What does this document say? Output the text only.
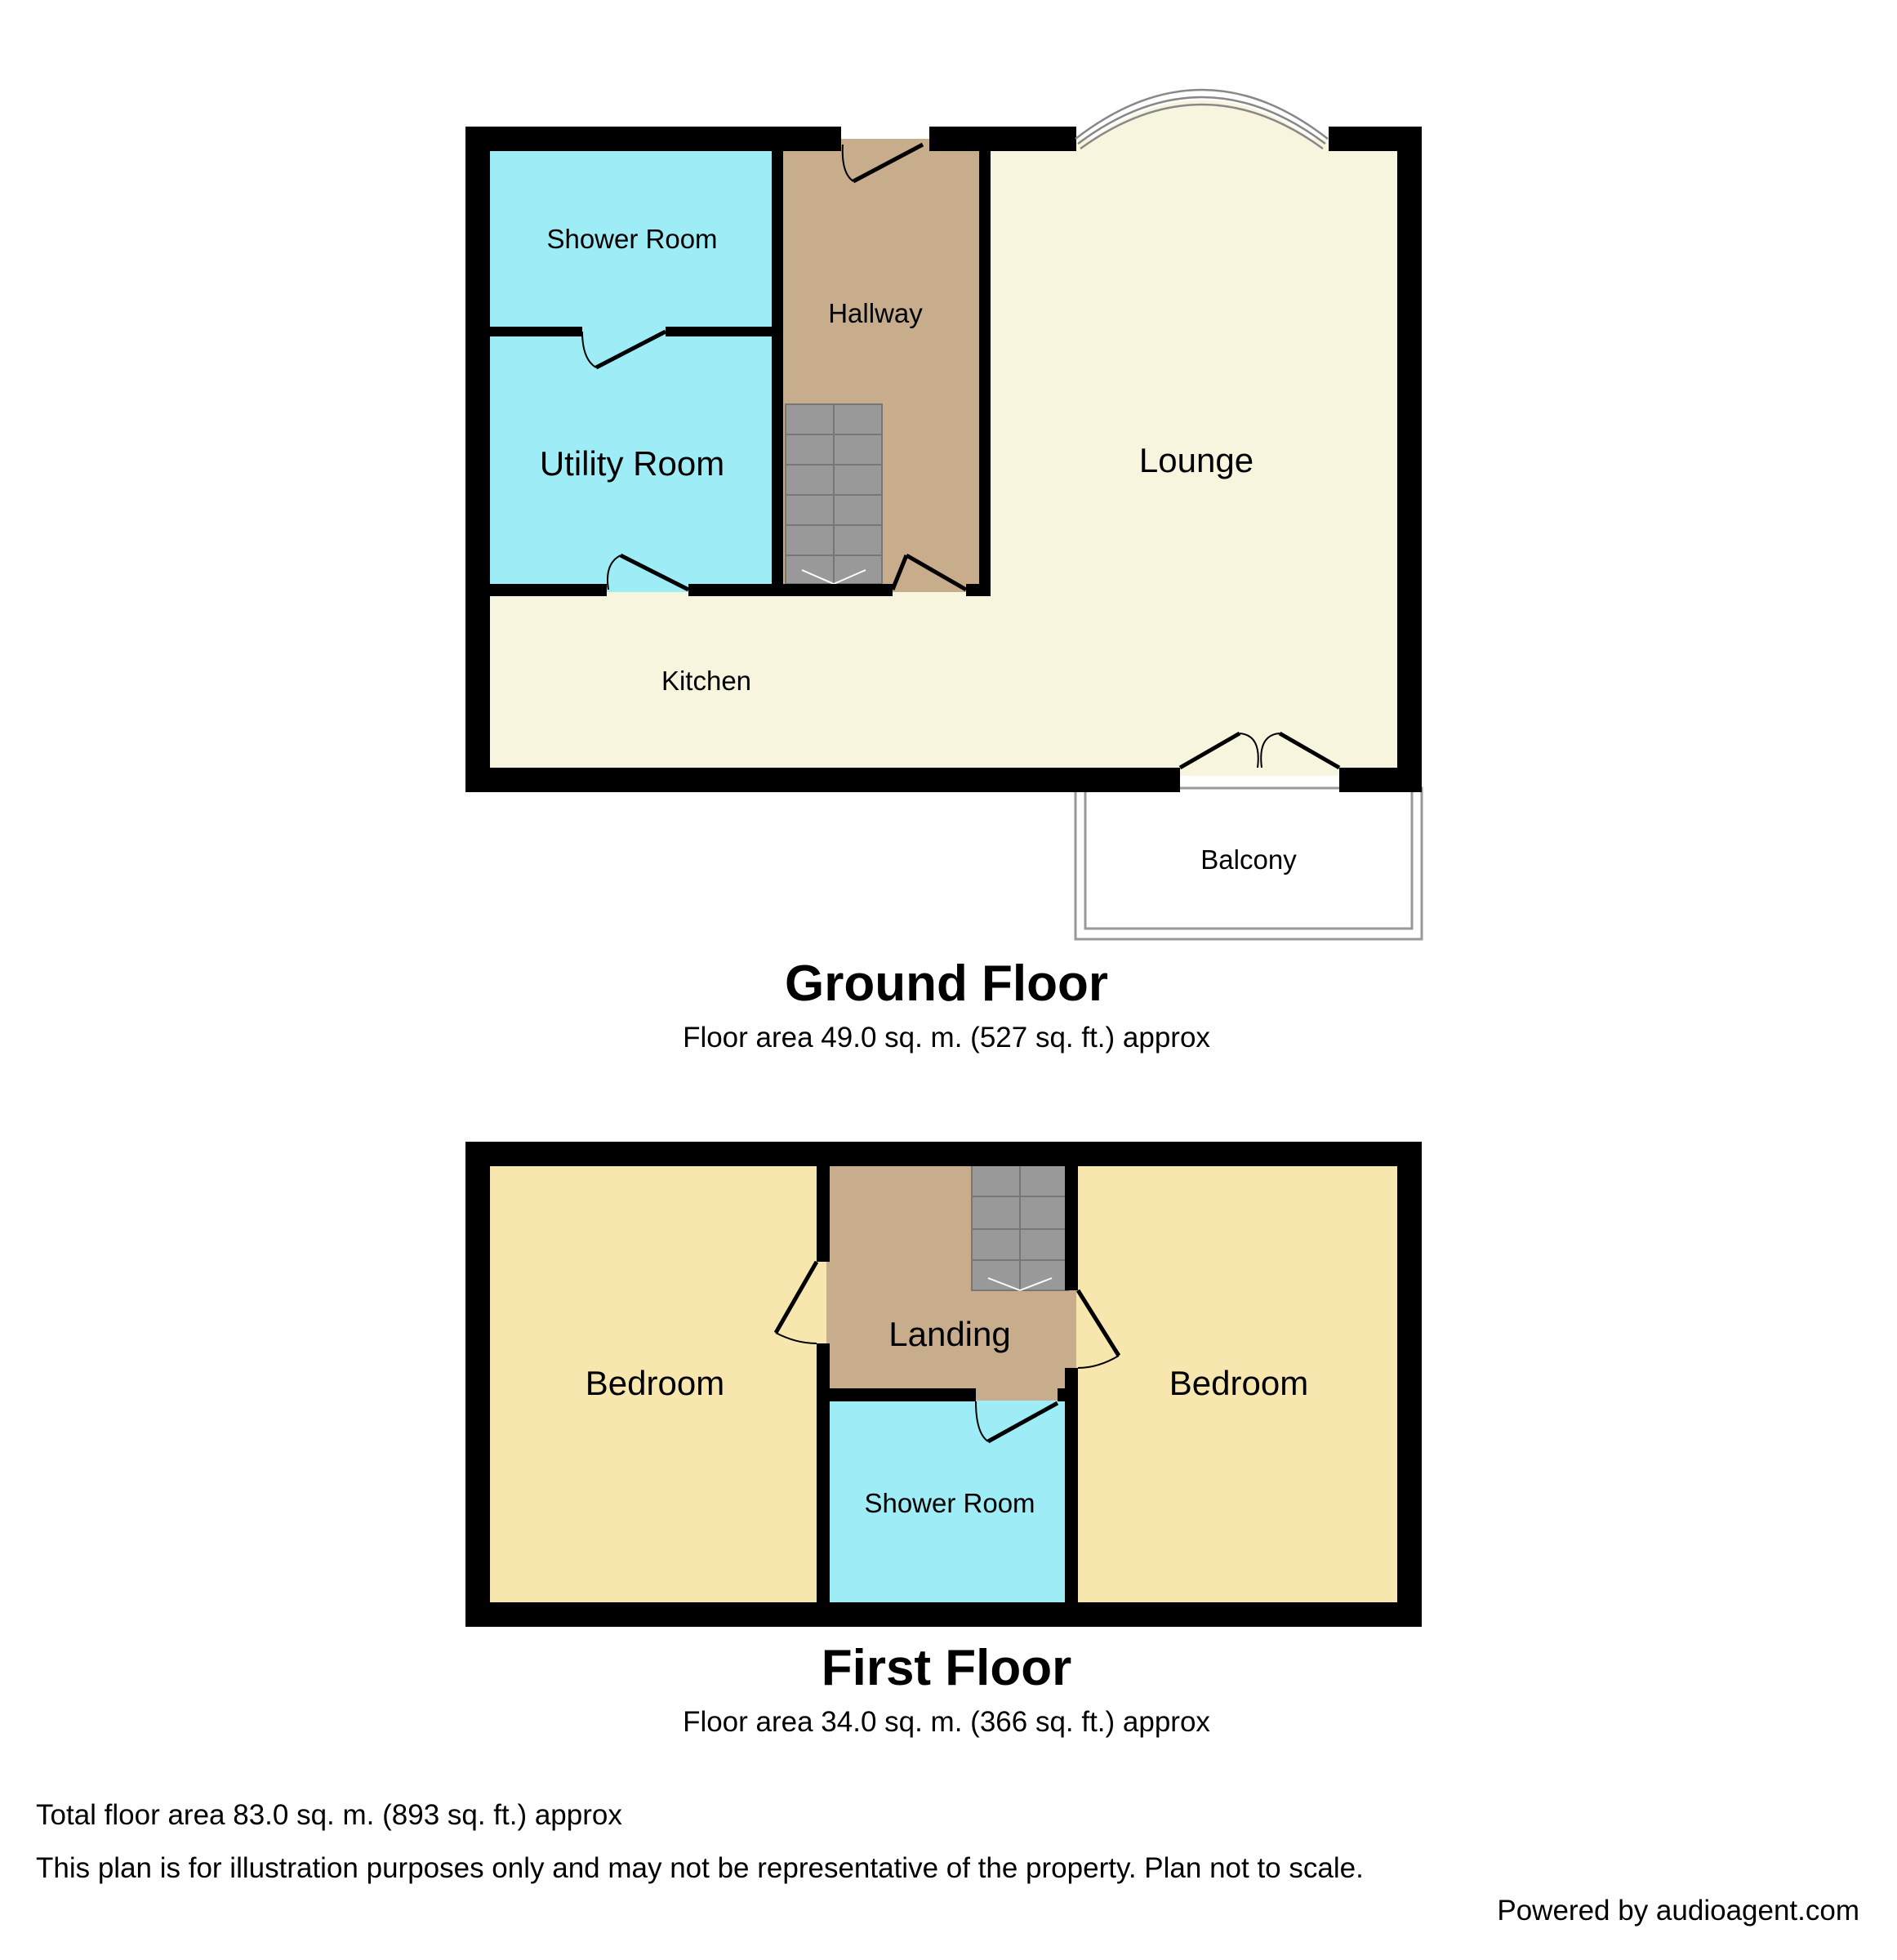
Shower Room
Hallway
Utility Room	Lounge
Kitchen
Balcony
Ground Floor
Floor area 49.0 sq. m. (527 sq. ft.) approx
Bedroom
Landing
Bedroom
Shower Room
First Floor
Floor area 34.0 sq. m. (366 sq. ft.) approx
Total floor area 83.0 sq. m. (893 sq. ft.) approx
This plan is for illustration purposes only and may not be representative of the property. Plan not to scale.
Powered by audioagent.com
